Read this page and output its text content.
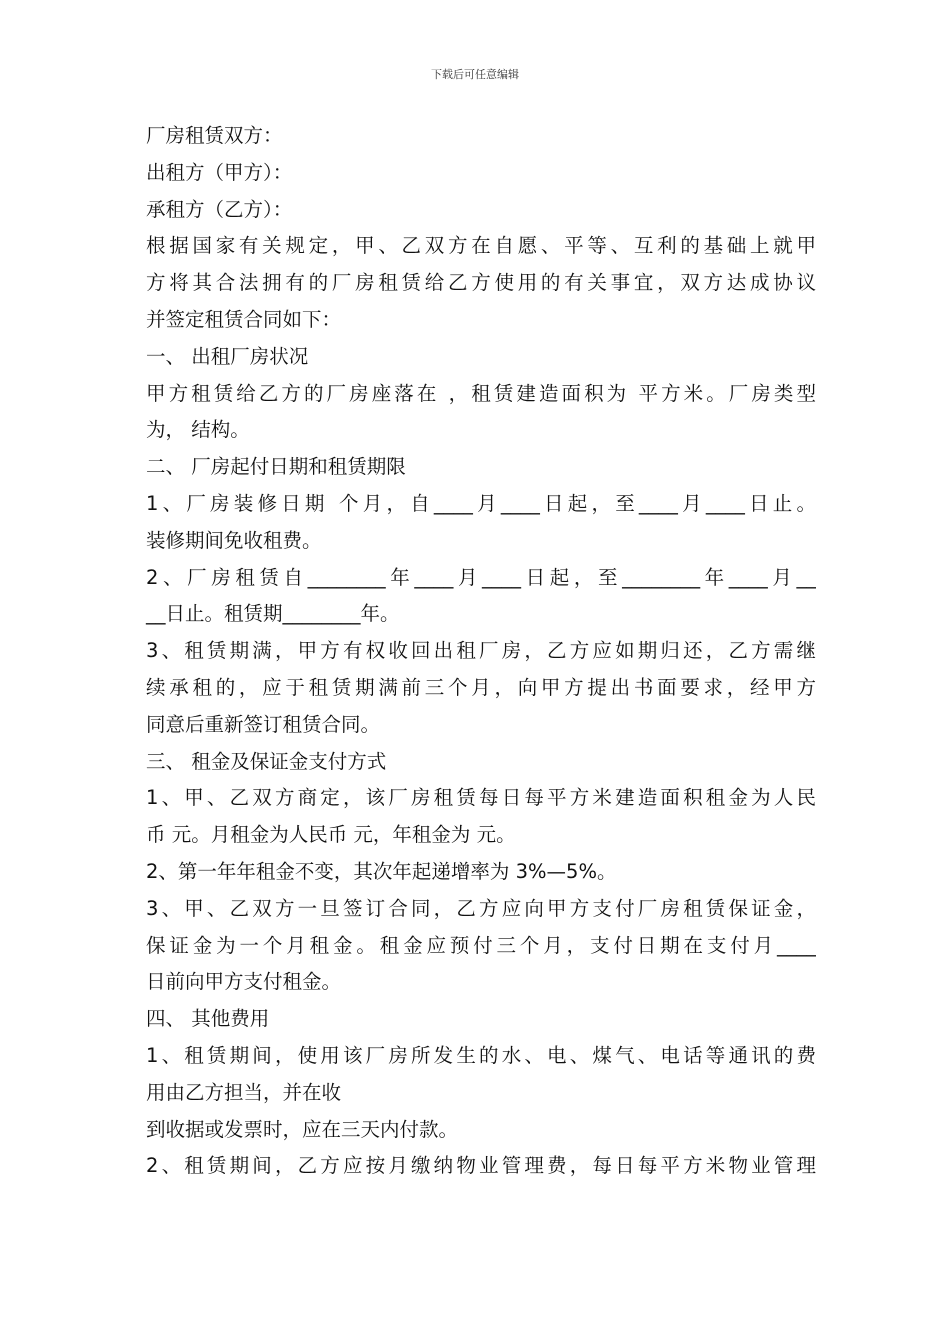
下载后可任意编辑
厂房租赁双方：
出租方（甲方）：
承租方（乙方）：
根据国家有关规定，甲、乙双方在自愿、平等、互利的基础上就甲
方将其合法拥有的厂房租赁给乙方使用的有关事宜，双方达成协议
并签定租赁合同如下：
一、 出租厂房状况
甲方租赁给乙方的厂房座落在 ，租赁建造面积为 平方米。厂房类型
为， 结构。
二、 厂房起付日期和租赁期限
1、厂房装修日期 个月，自____月____日起，至____月____日止。
装修期间免收租费。
2、厂房租赁自________年____月____日起，至________年____月__
__日止。租赁期________年。
3、租赁期满，甲方有权收回出租厂房，乙方应如期归还，乙方需继
续承租的，应于租赁期满前三个月，向甲方提出书面要求，经甲方
同意后重新签订租赁合同。
三、 租金及保证金支付方式
1、甲、乙双方商定，该厂房租赁每日每平方米建造面积租金为人民
币 元。月租金为人民币 元，年租金为 元。
2、第一年年租金不变，其次年起递增率为 3%—5%。
3、甲、乙双方一旦签订合同，乙方应向甲方支付厂房租赁保证金，
保证金为一个月租金。租金应预付三个月，支付日期在支付月____
日前向甲方支付租金。
四、 其他费用
1、租赁期间，使用该厂房所发生的水、电、煤气、电话等通讯的费
用由乙方担当，并在收
到收据或发票时，应在三天内付款。
2、租赁期间，乙方应按月缴纳物业管理费，每日每平方米物业管理
